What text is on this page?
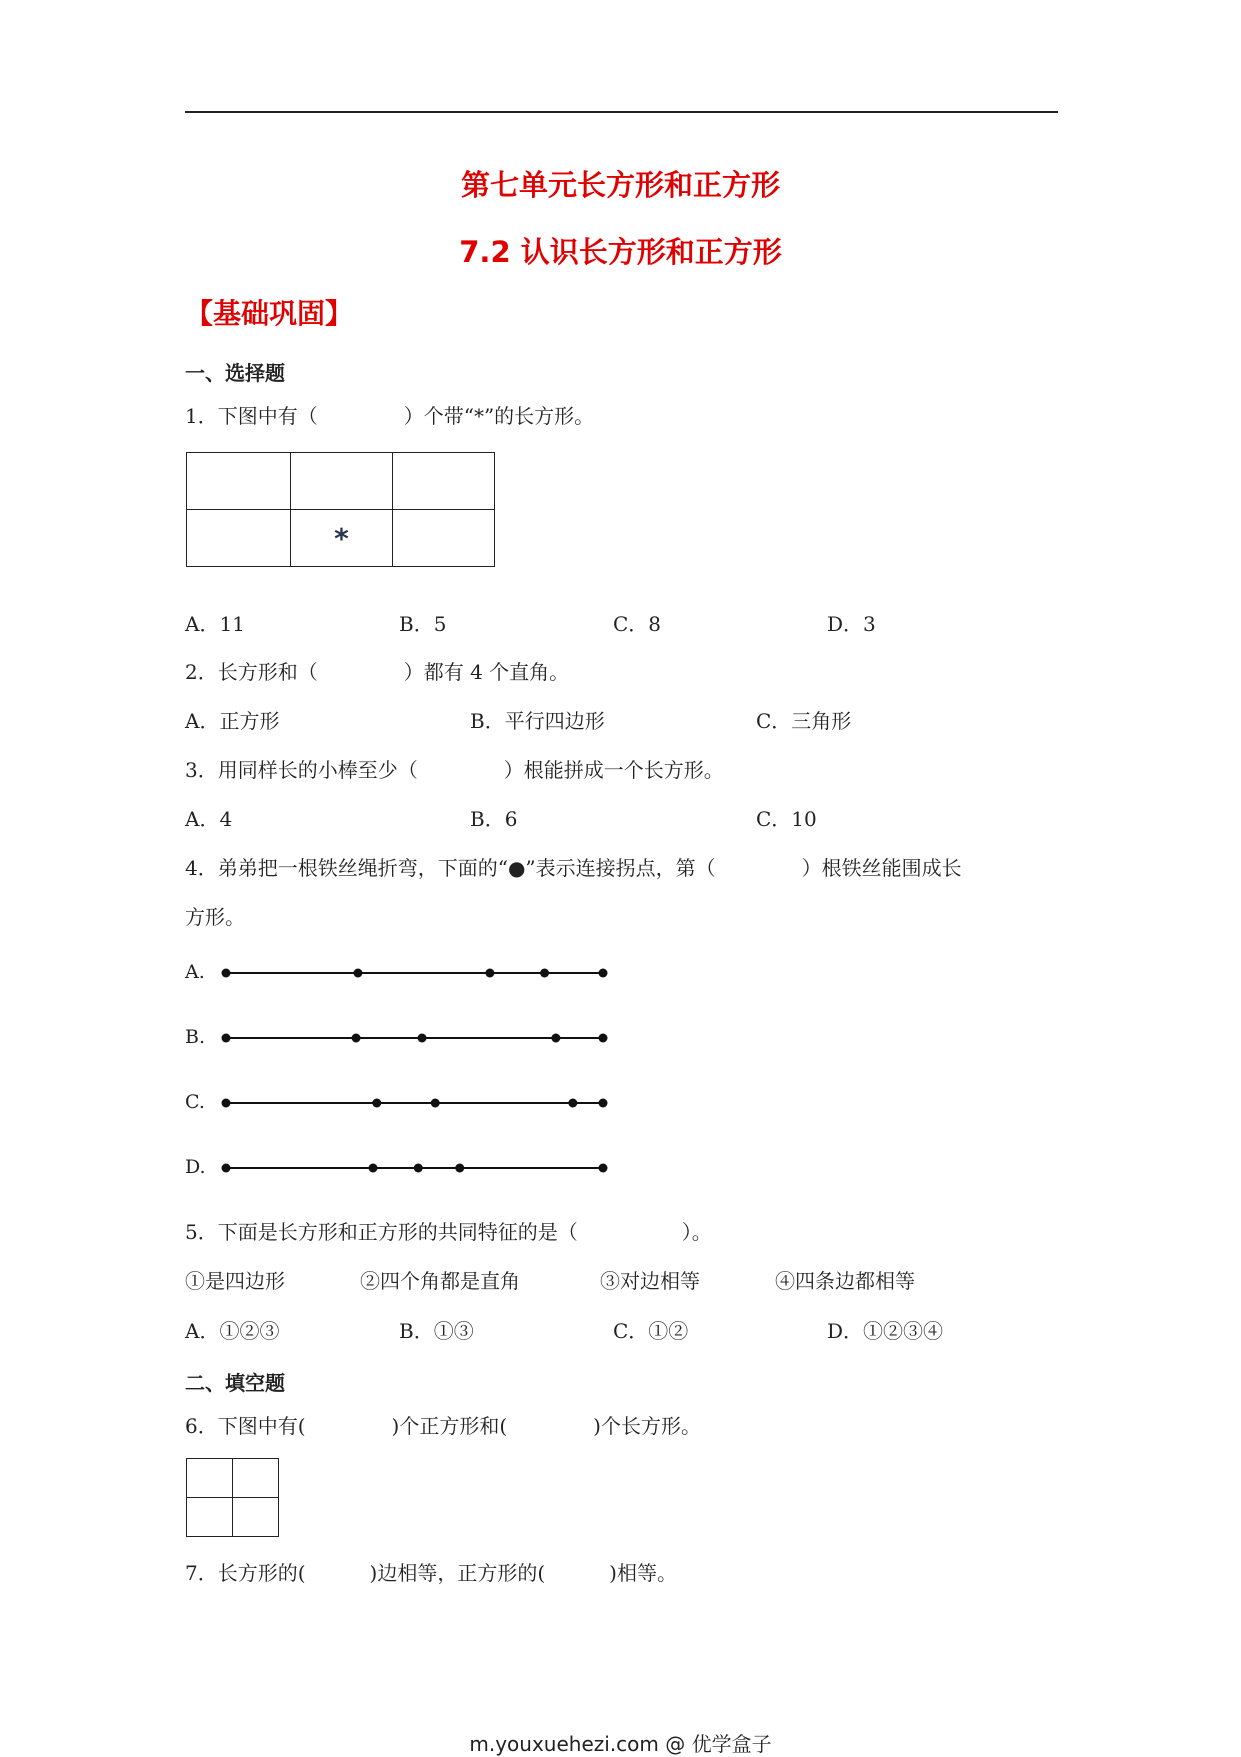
第七单元长方形和正方形
7.2 认识长方形和正方形
【基础巩固】
一、选择题
1．下图中有（	）个带“*”的长方形。

	*	
A．11	B．5	C．8	D．3
2．长方形和（	）都有 4 个直角。
A．正方形	B．平行四边形	C．三角形
3．用同样长的小棒至少（	）根能拼成一个长方形。
A．4	B．6	C．10
4．弟弟把一根铁丝绳折弯，下面的“●”表示连接拐点，第（	）根铁丝能围成长
方形。
A.
B.
C.
D.
5．下面是长方形和正方形的共同特征的是（	）。
①是四边形	②四个角都是直角	③对边相等	④四条边都相等
A．①②③	B．①③	C．①②	D．①②③④
二、填空题
6．下图中有(	)个正方形和(	)个长方形。

7．长方形的(	)边相等，正方形的(	)相等。
m.youxuehezi.com @ 优学盒子
